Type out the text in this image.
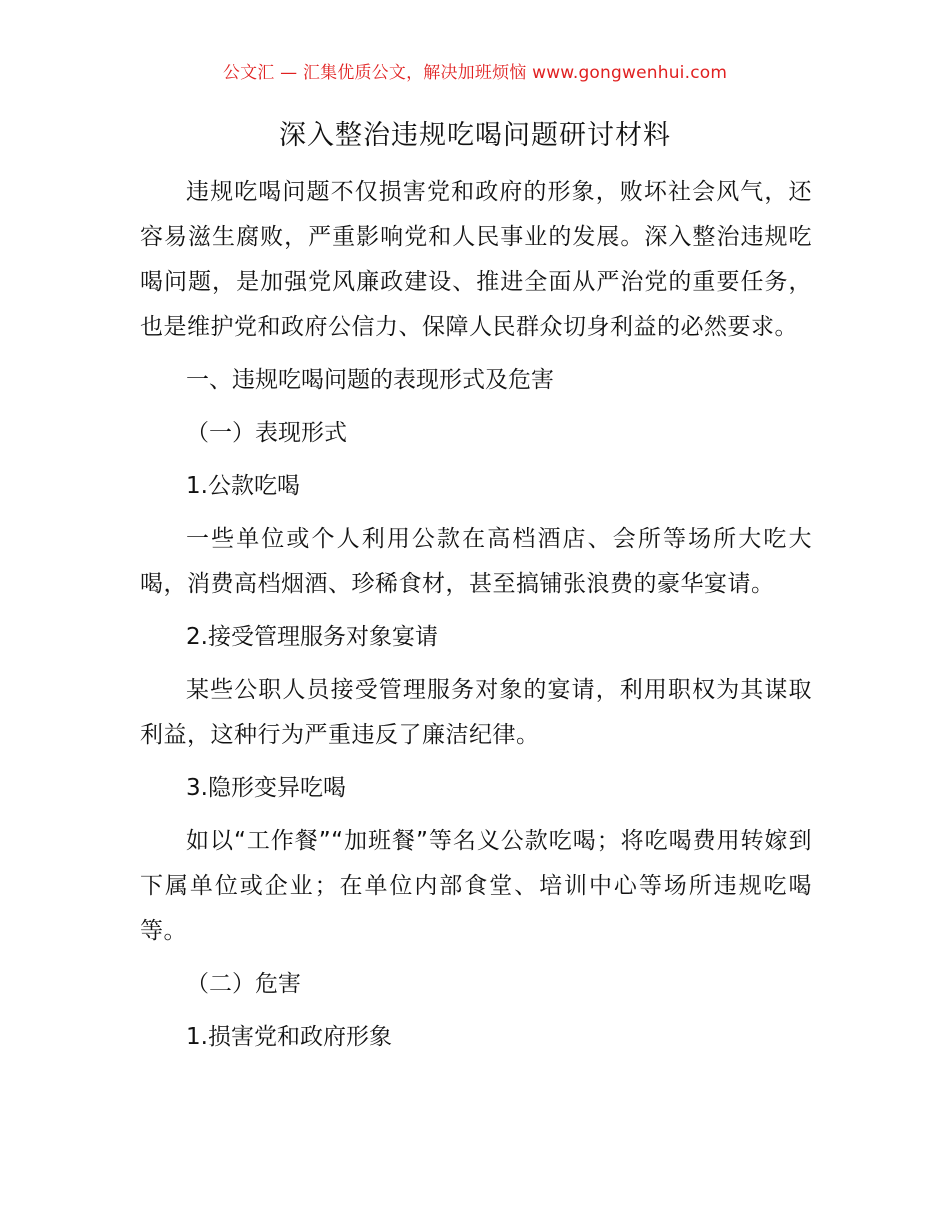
公文汇 — 汇集优质公文，解决加班烦恼 www.gongwenhui.com
深入整治违规吃喝问题研讨材料

违规吃喝问题不仅损害党和政府的形象，败坏社会风气，还容易滋生腐败，严重影响党和人民事业的发展。深入整治违规吃喝问题，是加强党风廉政建设、推进全面从严治党的重要任务，也是维护党和政府公信力、保障人民群众切身利益的必然要求。

一、违规吃喝问题的表现形式及危害

（一）表现形式

1.公款吃喝

一些单位或个人利用公款在高档酒店、会所等场所大吃大喝，消费高档烟酒、珍稀食材，甚至搞铺张浪费的豪华宴请。

2.接受管理服务对象宴请

某些公职人员接受管理服务对象的宴请，利用职权为其谋取利益，这种行为严重违反了廉洁纪律。

3.隐形变异吃喝

如以“工作餐”“加班餐”等名义公款吃喝；将吃喝费用转嫁到下属单位或企业；在单位内部食堂、培训中心等场所违规吃喝等。

（二）危害

1.损害党和政府形象
